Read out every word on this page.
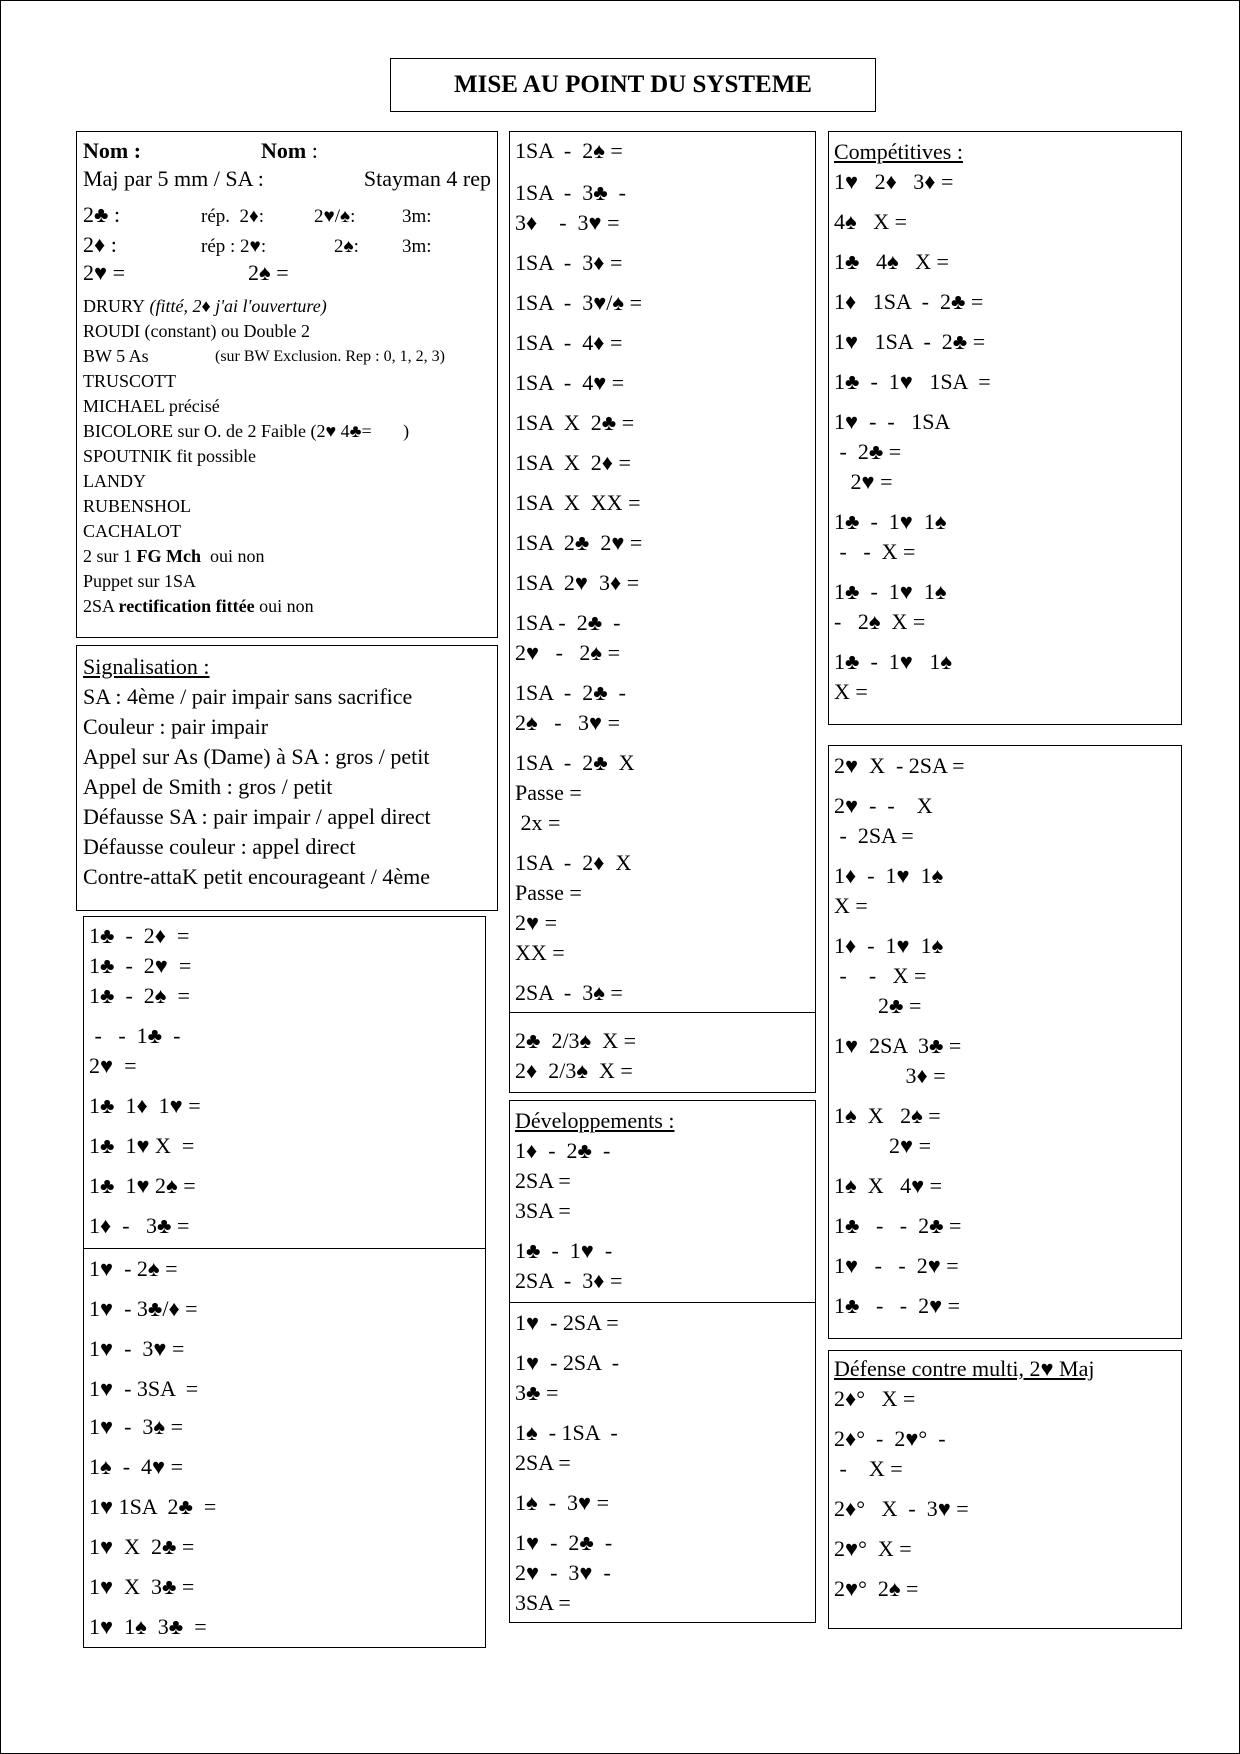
MISE AU POINT DU SYSTEME
Nom :	Nom :
Maj par 5 mm / SA :	Stayman 4 rep
2♣ :	rép.  2♦:	2♥/♠:	3m:
2♦ :	rép : 2♥:	2♠:	3m:
2♥ =	2♠ =
DRURY (fitté, 2♦ j'ai l'ouverture)
ROUDI (constant) ou Double 2
BW 5 As	(sur BW Exclusion. Rep : 0, 1, 2, 3)
TRUSCOTT
MICHAEL précisé
BICOLORE sur O. de 2 Faible (2♥ 4♣=       )
SPOUTNIK fit possible
LANDY
RUBENSHOL
CACHALOT
2 sur 1 FG Mch  oui non
Puppet sur 1SA
2SA rectification fittée oui non
Signalisation :
SA : 4ème / pair impair sans sacrifice
Couleur : pair impair
Appel sur As (Dame) à SA : gros / petit
Appel de Smith : gros / petit
Défausse SA : pair impair / appel direct
Défausse couleur : appel direct
Contre-attaK petit encourageant / 4ème
1♣  -  2♦  =
1♣  -  2♥  =
1♣  -  2♠  =
-   -  1♣  -
2♥  =
1♣  1♦  1♥ =
1♣  1♥ X  =
1♣  1♥ 2♠ =
1♦  -   3♣ =
1♥  - 2♠ =
1♥  - 3♣/♦ =
1♥  -  3♥ =
1♥  - 3SA  =
1♥  -  3♠ =
1♠  -  4♥ =
1♥ 1SA  2♣  =
1♥  X  2♣ =
1♥  X  3♣ =
1♥  1♠  3♣  =
1SA  -  2♠ =
1SA  -  3♣  -
3♦    -  3♥ =
1SA  -  3♦ =
1SA  -  3♥/♠ =
1SA  -  4♦ =
1SA  -  4♥ =
1SA  X  2♣ =
1SA  X  2♦ =
1SA  X  XX =
1SA  2♣  2♥ =
1SA  2♥  3♦ =
1SA -  2♣  -
2♥   -   2♠ =
1SA  -  2♣  -
2♠   -   3♥ =
1SA  -  2♣  X
Passe =
2x =
1SA  -  2♦  X
Passe =
2♥ =
XX =
2SA  -  3♠ =
2♣  2/3♠  X =
2♦  2/3♠  X =
Développements :
1♦  -  2♣  -
2SA =
3SA =
1♣  -  1♥  -
2SA  -  3♦ =
1♥  - 2SA =
1♥  - 2SA  -
3♣ =
1♠  - 1SA  -
2SA =
1♠  -  3♥ =
1♥  -  2♣  -
2♥  -  3♥  -
3SA =
Compétitives :
1♥   2♦   3♦ =
4♠   X =
1♣   4♠   X =
1♦   1SA  -  2♣ =
1♥   1SA  -  2♣ =
1♣  -  1♥   1SA  =
1♥  -  -   1SA
-  2♣ =
2♥ =
1♣  -  1♥  1♠
-   -  X =
1♣  -  1♥  1♠
-   2♠  X =
1♣  -  1♥   1♠
X =
2♥  X  - 2SA =
2♥  -  -    X
-  2SA =
1♦  -  1♥  1♠
X =
1♦  -  1♥  1♠
-    -   X =
2♣ =
1♥  2SA  3♣ =
3♦ =
1♠  X   2♠ =
2♥ =
1♠  X   4♥ =
1♣   -   -  2♣ =
1♥   -   -  2♥ =
1♣   -   -  2♥ =
Défense contre multi, 2♥ Maj
2♦°   X =
2♦°  -  2♥°  -
-    X =
2♦°   X  -  3♥ =
2♥°  X =
2♥°  2♠ =
